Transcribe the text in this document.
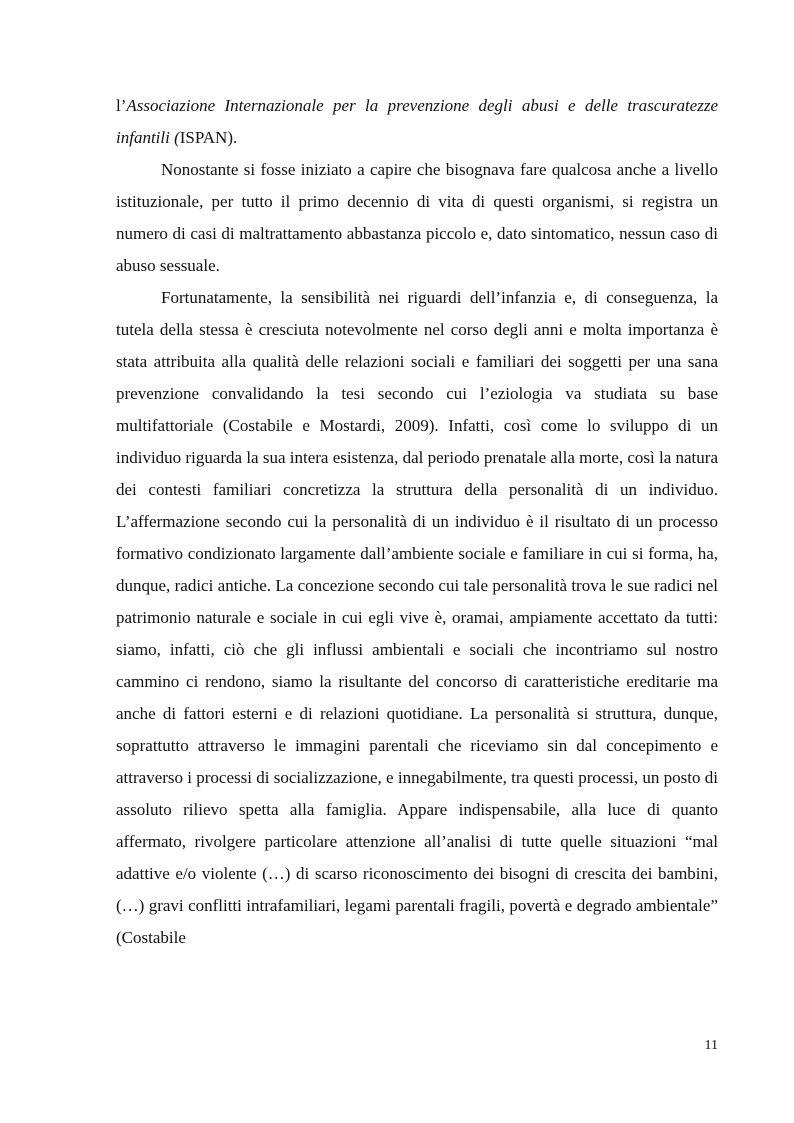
l’Associazione Internazionale per la prevenzione degli abusi e delle trascuratezze infantili (ISPAN).

Nonostante si fosse iniziato a capire che bisognava fare qualcosa anche a livello istituzionale, per tutto il primo decennio di vita di questi organismi, si registra un numero di casi di maltrattamento abbastanza piccolo e, dato sintomatico, nessun caso di abuso sessuale.

Fortunatamente, la sensibilità nei riguardi dell’infanzia e, di conseguenza, la tutela della stessa è cresciuta notevolmente nel corso degli anni e molta importanza è stata attribuita alla qualità delle relazioni sociali e familiari dei soggetti per una sana prevenzione convalidando la tesi secondo cui l’eziologia va studiata su base multifattoriale (Costabile e Mostardi, 2009). Infatti, così come lo sviluppo di un individuo riguarda la sua intera esistenza, dal periodo prenatale alla morte, così la natura dei contesti familiari concretizza la struttura della personalità di un individuo. L’affermazione secondo cui la personalità di un individuo è il risultato di un processo formativo condizionato largamente dall’ambiente sociale e familiare in cui si forma, ha, dunque, radici antiche. La concezione secondo cui tale personalità trova le sue radici nel patrimonio naturale e sociale in cui egli vive è, oramai, ampiamente accettato da tutti: siamo, infatti, ciò che gli influssi ambientali e sociali che incontriamo sul nostro cammino ci rendono, siamo la risultante del concorso di caratteristiche ereditarie ma anche di fattori esterni e di relazioni quotidiane. La personalità si struttura, dunque, soprattutto attraverso le immagini parentali che riceviamo sin dal concepimento e attraverso i processi di socializzazione, e innegabilmente, tra questi processi, un posto di assoluto rilievo spetta alla famiglia. Appare indispensabile, alla luce di quanto affermato, rivolgere particolare attenzione all’analisi di tutte quelle situazioni “mal adattive e/o violente (…) di scarso riconoscimento dei bisogni di crescita dei bambini, (…) gravi conflitti intrafamiliari, legami parentali fragili, povertà e degrado ambientale” (Costabile

11
